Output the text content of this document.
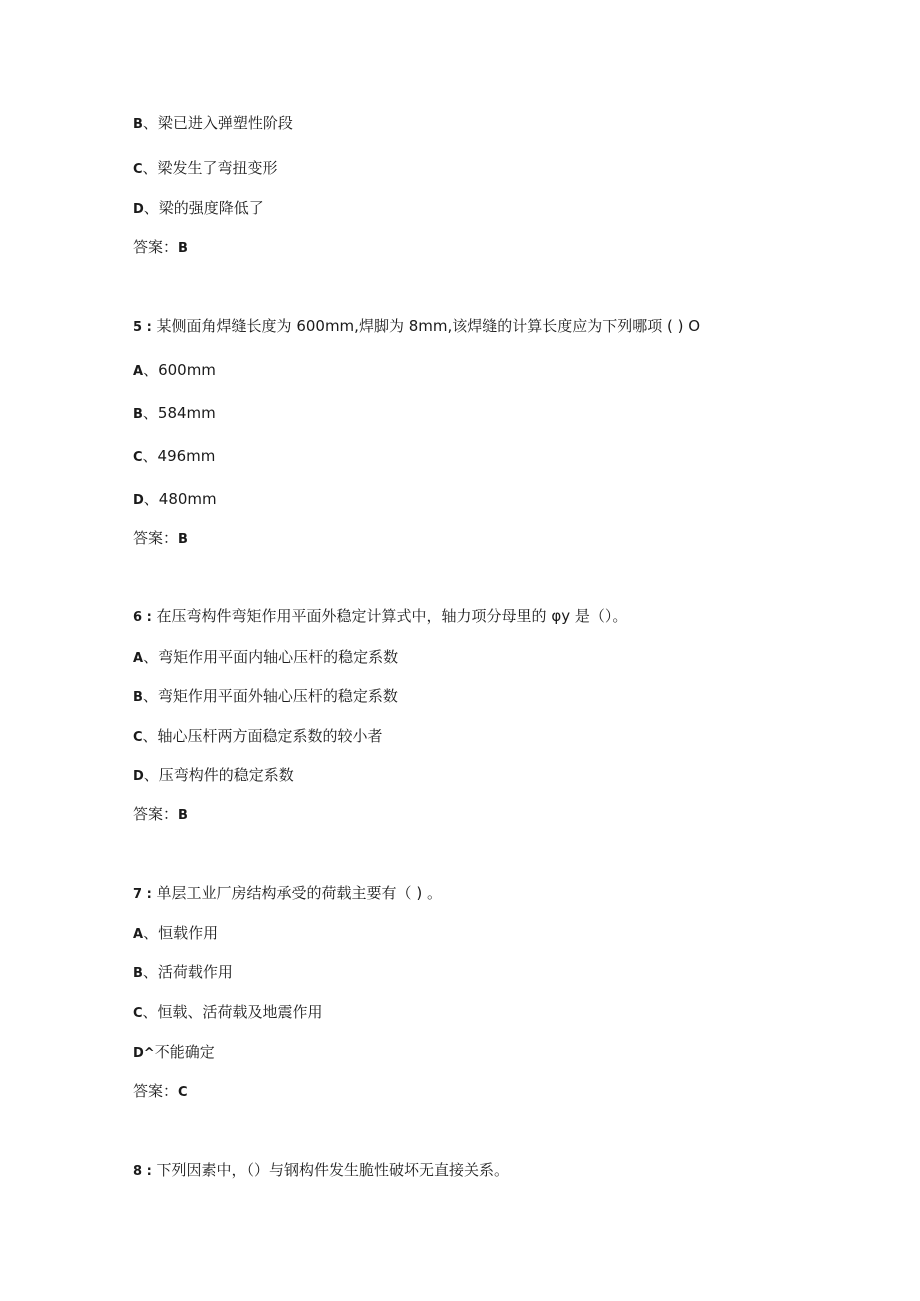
B、梁已进入弹塑性阶段
C、梁发生了弯扭变形
D、梁的强度降低了
答案：B
5 : 某侧面角焊缝长度为 600mm,焊脚为 8mm,该焊缝的计算长度应为下列哪项 ( ) O
A、600mm
B、584mm
C、496mm
D、480mm
答案：B
6 : 在压弯构件弯矩作用平面外稳定计算式中，轴力项分母里的 φy 是（）。
A、弯矩作用平面内轴心压杆的稳定系数
B、弯矩作用平面外轴心压杆的稳定系数
C、轴心压杆两方面稳定系数的较小者
D、压弯构件的稳定系数
答案：B
7 : 单层工业厂房结构承受的荷载主要有（ ) 。
A、恒载作用
B、活荷载作用
C、恒载、活荷载及地震作用
D^不能确定
答案：C
8 : 下列因素中，（）与钢构件发生脆性破坏无直接关系。
